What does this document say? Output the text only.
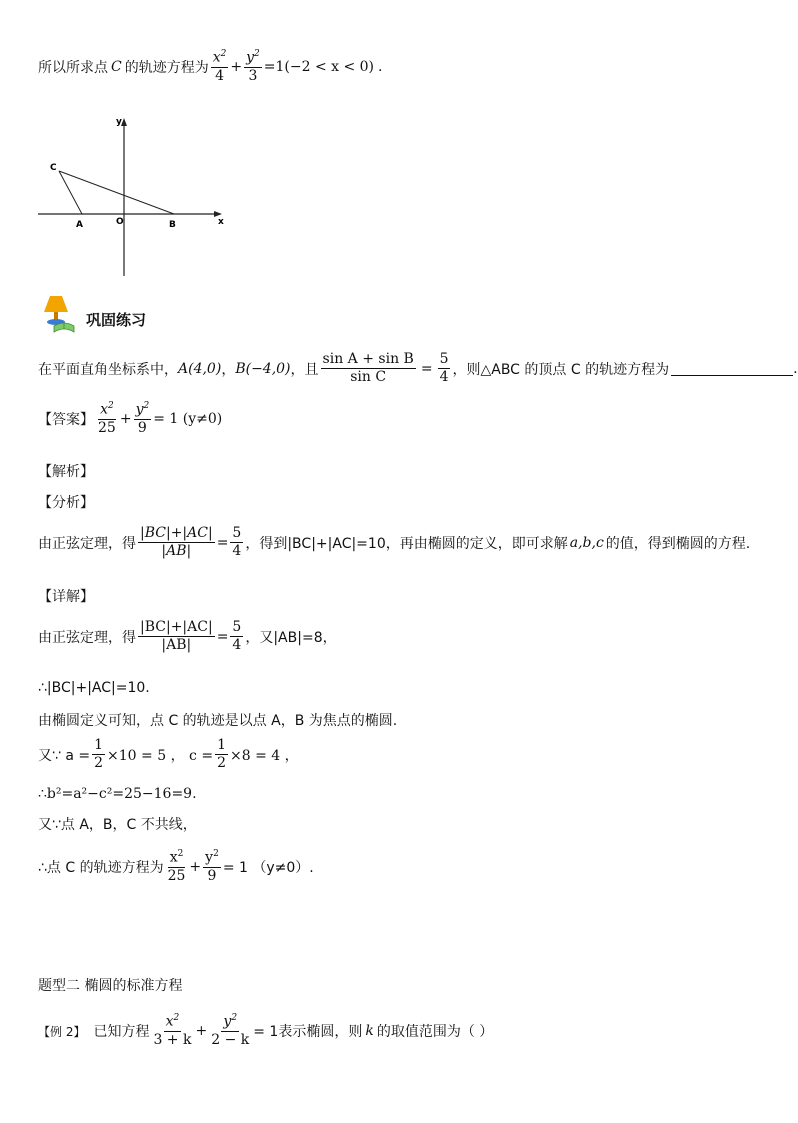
所以所求点 C 的轨迹方程为 $\frac{x^2}{4} + \frac{y^2}{3} =1(-2 < x < 0)$ .
x
y
O
A	B
C
巩固练习
在平面直角坐标系中， A(4,0) ， B(−4,0) ，且 $\frac{\text{sin A + sin B}}{\text{sin C}} = \frac{5}{4}$ ，则△ABC 的顶点 C 的轨迹方程为	.
【答案】 $\frac{x^2}{25} + \frac{y^2}{9} = 1$ (y≠0)
【解析】
【分析】
由正弦定理，得 $\frac{|BC|+|AC|}{|AB|} = \frac{5}{4}$ ，得到|BC|+|AC|=10，再由椭圆的定义，即可求解 a,b,c 的值，得到椭圆的方程.
【详解】
由正弦定理，得 $\frac{|BC|+|AC|}{|AB|} = \frac{5}{4}$ ，又|AB|=8，
∴|BC|+|AC|=10.
由椭圆定义可知，点 C 的轨迹是以点 A，B 为焦点的椭圆.
又∵ $a = \frac{1}{2} \times 10 = 5$ ， $c = \frac{1}{2} \times 8 = 4$ ，
∴b²=a²−c²=25−16=9.
又∵点 A，B，C 不共线，
∴点 C 的轨迹方程为 $\frac{x^2}{25} + \frac{y^2}{9} = 1$ （y≠0）.
题型二 椭圆的标准方程
【例 2】 已知方程 $\frac{x^2}{3 + k} + \frac{y^2}{2 - k} = 1$表示椭圆，则 k 的取值范围为（ ）
